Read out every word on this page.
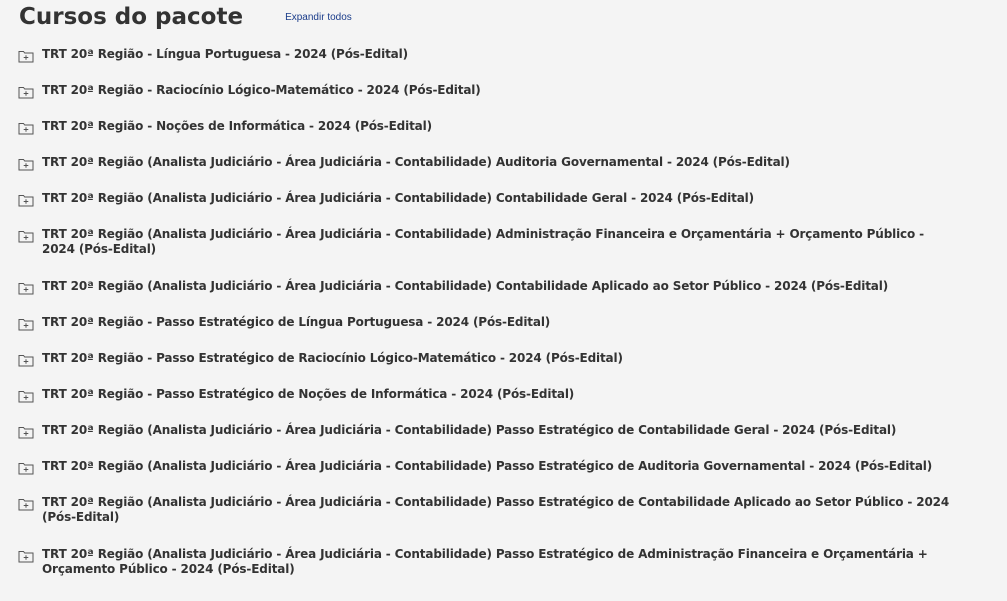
Cursos do pacote	Expandir todos
TRT 20ª Região - Língua Portuguesa - 2024 (Pós-Edital)
TRT 20ª Região - Raciocínio Lógico-Matemático - 2024 (Pós-Edital)
TRT 20ª Região - Noções de Informática - 2024 (Pós-Edital)
TRT 20ª Região (Analista Judiciário - Área Judiciária - Contabilidade) Auditoria Governamental - 2024 (Pós-Edital)
TRT 20ª Região (Analista Judiciário - Área Judiciária - Contabilidade) Contabilidade Geral - 2024 (Pós-Edital)
TRT 20ª Região (Analista Judiciário - Área Judiciária - Contabilidade) Administração Financeira e Orçamentária + Orçamento Público - 2024 (Pós-Edital)
TRT 20ª Região (Analista Judiciário - Área Judiciária - Contabilidade) Contabilidade Aplicado ao Setor Público - 2024 (Pós-Edital)
TRT 20ª Região - Passo Estratégico de Língua Portuguesa - 2024 (Pós-Edital)
TRT 20ª Região - Passo Estratégico de Raciocínio Lógico-Matemático - 2024 (Pós-Edital)
TRT 20ª Região - Passo Estratégico de Noções de Informática - 2024 (Pós-Edital)
TRT 20ª Região (Analista Judiciário - Área Judiciária - Contabilidade) Passo Estratégico de Contabilidade Geral - 2024 (Pós-Edital)
TRT 20ª Região (Analista Judiciário - Área Judiciária - Contabilidade) Passo Estratégico de Auditoria Governamental - 2024 (Pós-Edital)
TRT 20ª Região (Analista Judiciário - Área Judiciária - Contabilidade) Passo Estratégico de Contabilidade Aplicado ao Setor Público - 2024 (Pós-Edital)
TRT 20ª Região (Analista Judiciário - Área Judiciária - Contabilidade) Passo Estratégico de Administração Financeira e Orçamentária + Orçamento Público - 2024 (Pós-Edital)
